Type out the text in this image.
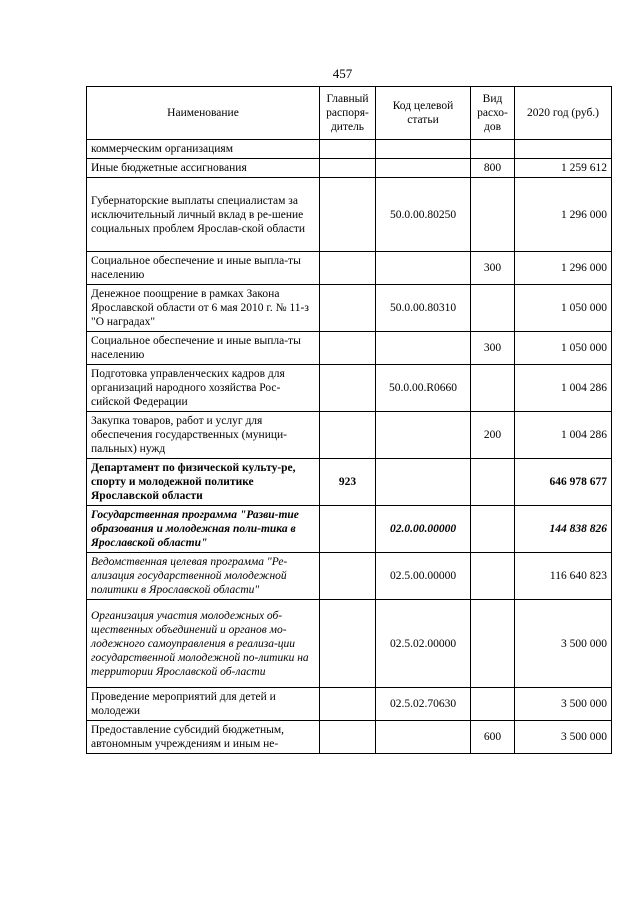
457
Наименование	Главный распоря-дитель	Код целевой статьи	Вид расхо-дов	2020 год (руб.)
коммерческим организациям				
Иные бюджетные ассигнования			800	1 259 612
Губернаторские выплаты специалистам за исключительный личный вклад в ре-шение социальных проблем Ярослав-ской области		50.0.00.80250		1 296 000
Социальное обеспечение и иные выпла-ты населению			300	1 296 000
Денежное поощрение в рамках Закона Ярославской области от 6 мая 2010 г. № 11-з "О наградах"		50.0.00.80310		1 050 000
Социальное обеспечение и иные выпла-ты населению			300	1 050 000
Подготовка управленческих кадров для организаций народного хозяйства Рос-сийской Федерации		50.0.00.R0660		1 004 286
Закупка товаров, работ и услуг для обеспечения государственных (муници-пальных) нужд			200	1 004 286
Департамент по физической культу-ре, спорту и молодежной политике Ярославской области	923			646 978 677
Государственная программа "Разви-тие образования и молодежная поли-тика в Ярославской области"		02.0.00.00000		144 838 826
Ведомственная целевая программа "Ре-ализация государственной молодежной политики в Ярославской области"		02.5.00.00000		116 640 823
Организация участия молодежных об-щественных объединений и органов мо-лодежного самоуправления в реализа-ции государственной молодежной по-литики на территории Ярославской об-ласти		02.5.02.00000		3 500 000
Проведение мероприятий для детей и молодежи		02.5.02.70630		3 500 000
Предоставление субсидий бюджетным, автономным учреждениям и иным не-			600	3 500 000
